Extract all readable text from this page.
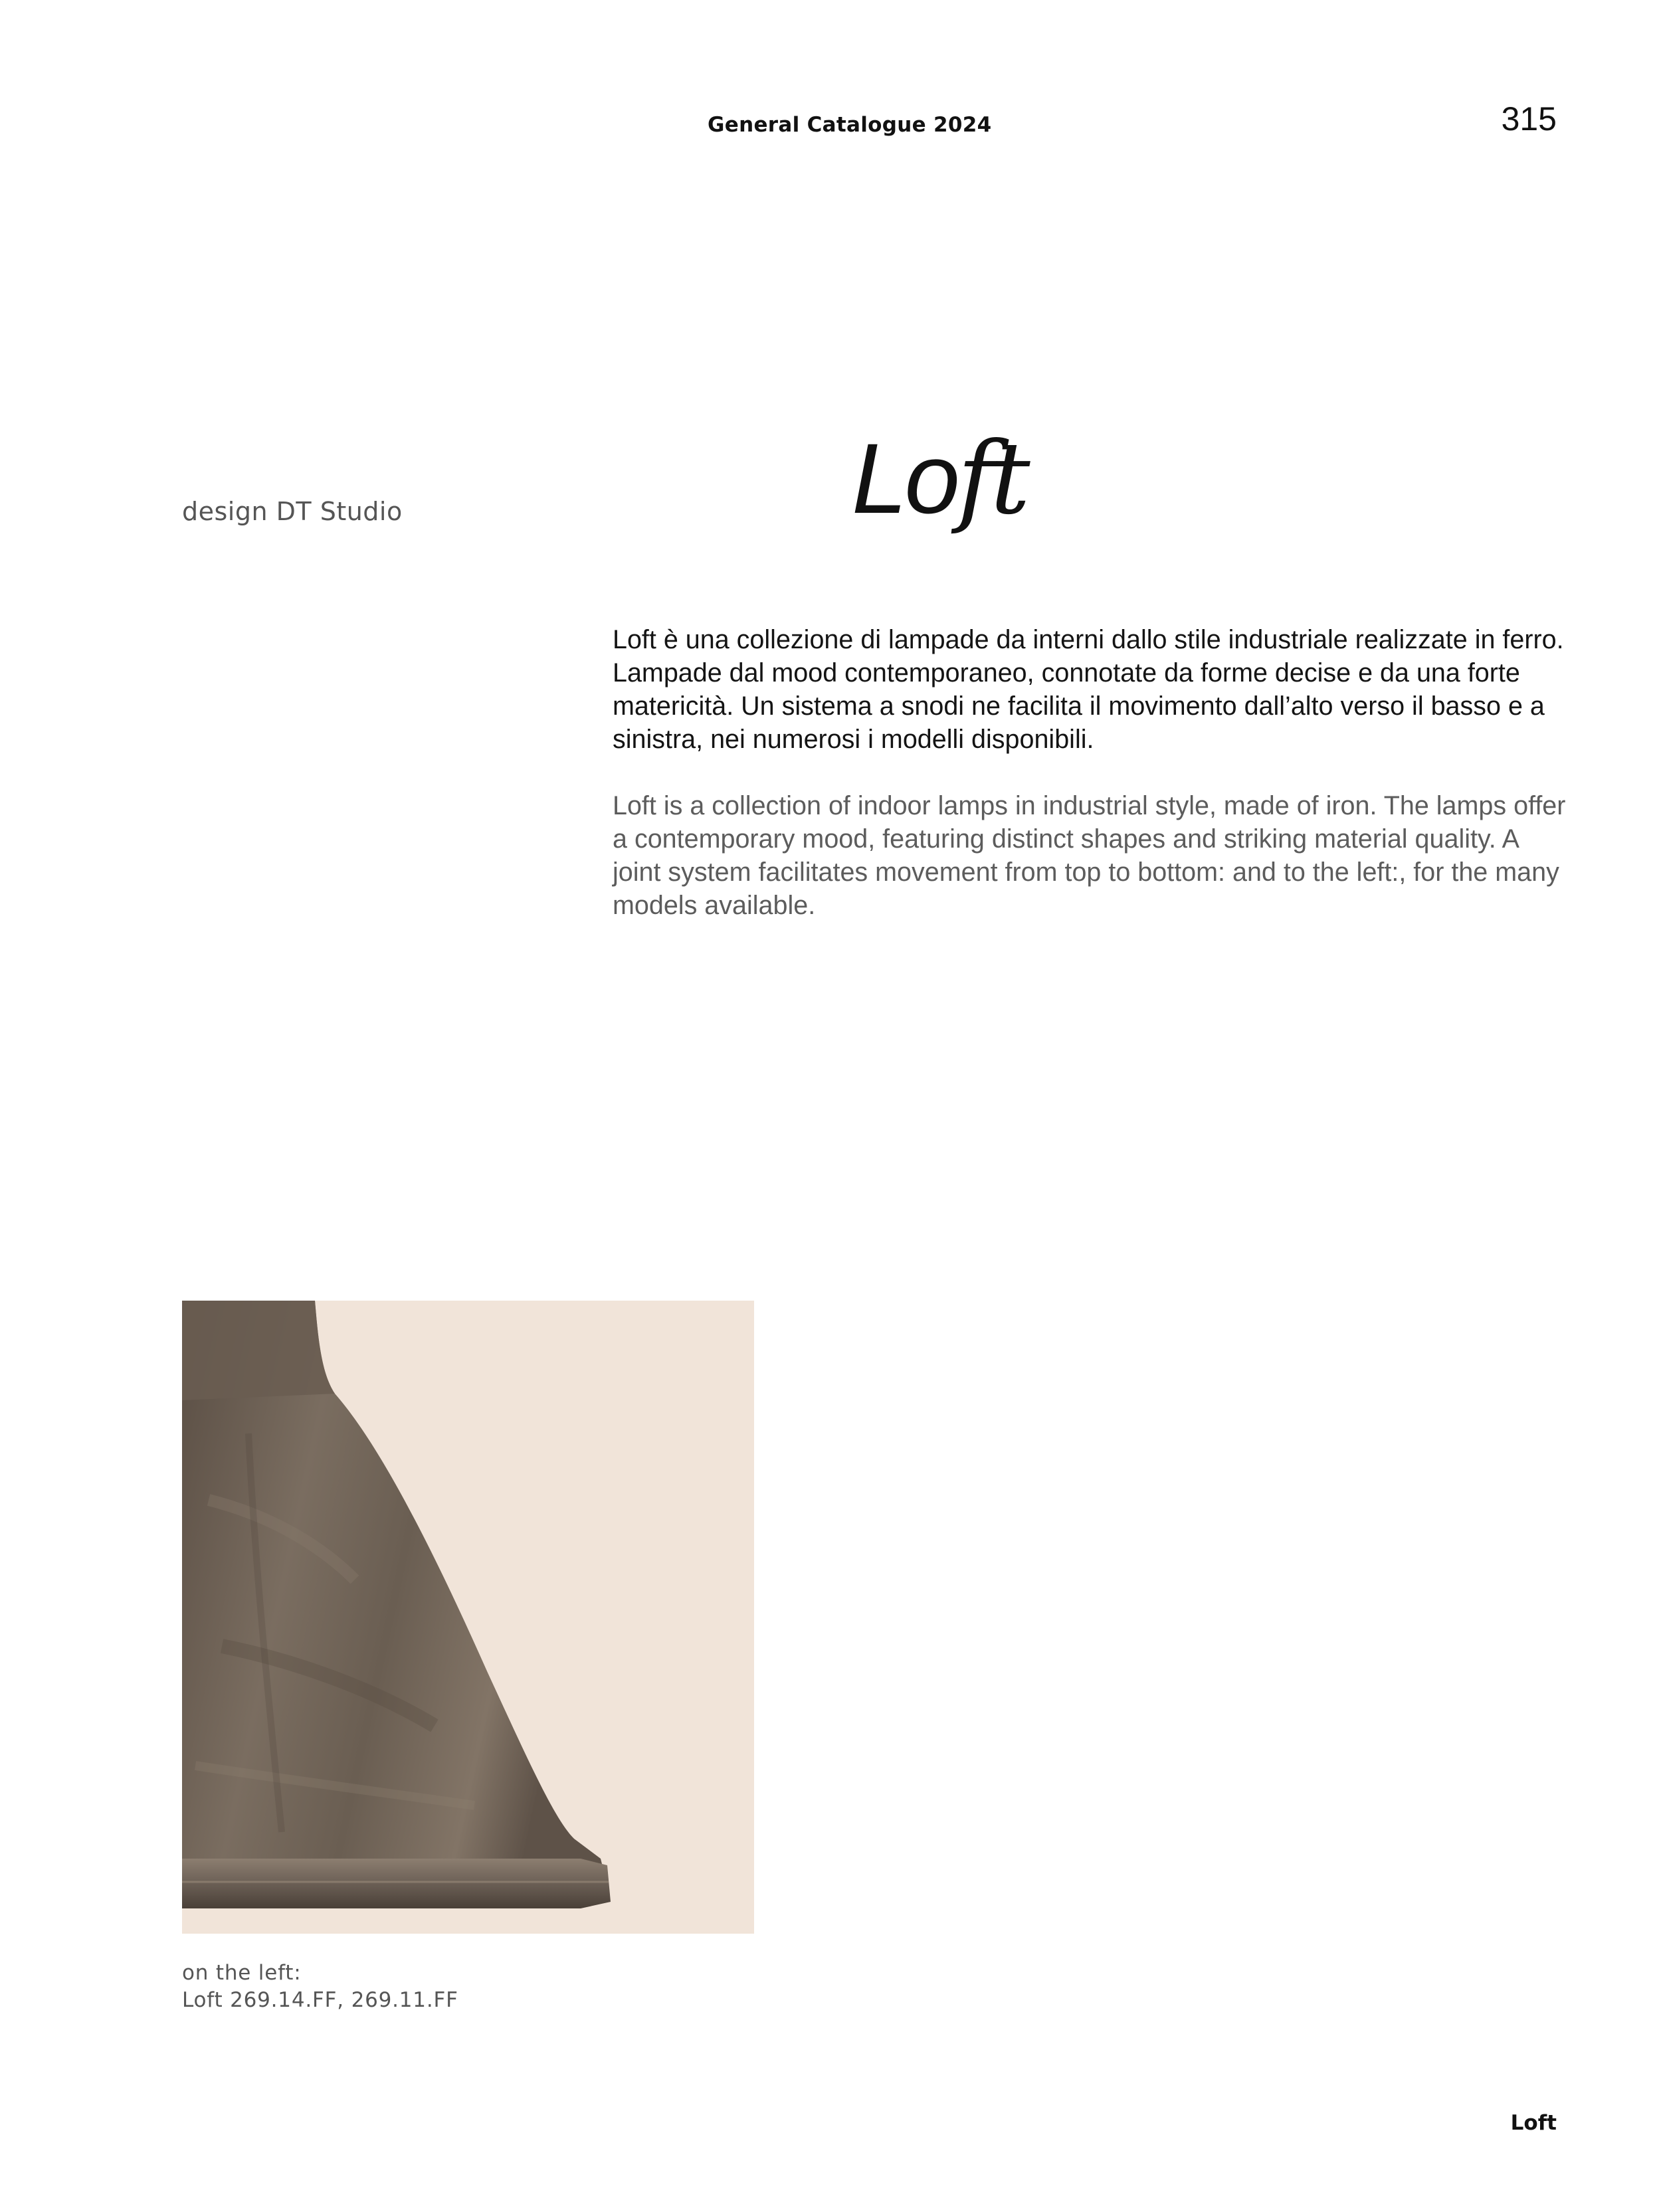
General Catalogue 2024	315
design DT Studio	Loft

Loft è una collezione di lampade da interni dallo stile industriale realizzate in ferro. Lampade dal mood contemporaneo, connotate da forme decise e da una forte matericità. Un sistema a snodi ne facilita il movimento dall’alto verso il basso e a sinistra, nei numerosi i modelli disponibili.

Loft is a collection of indoor lamps in industrial style, made of iron. The lamps offer a contemporary mood, featuring distinct shapes and striking material quality. A joint system facilitates movement from top to bottom: and to the left:, for the many models available.

on the left:
Loft 269.14.FF, 269.11.FF
Loft
